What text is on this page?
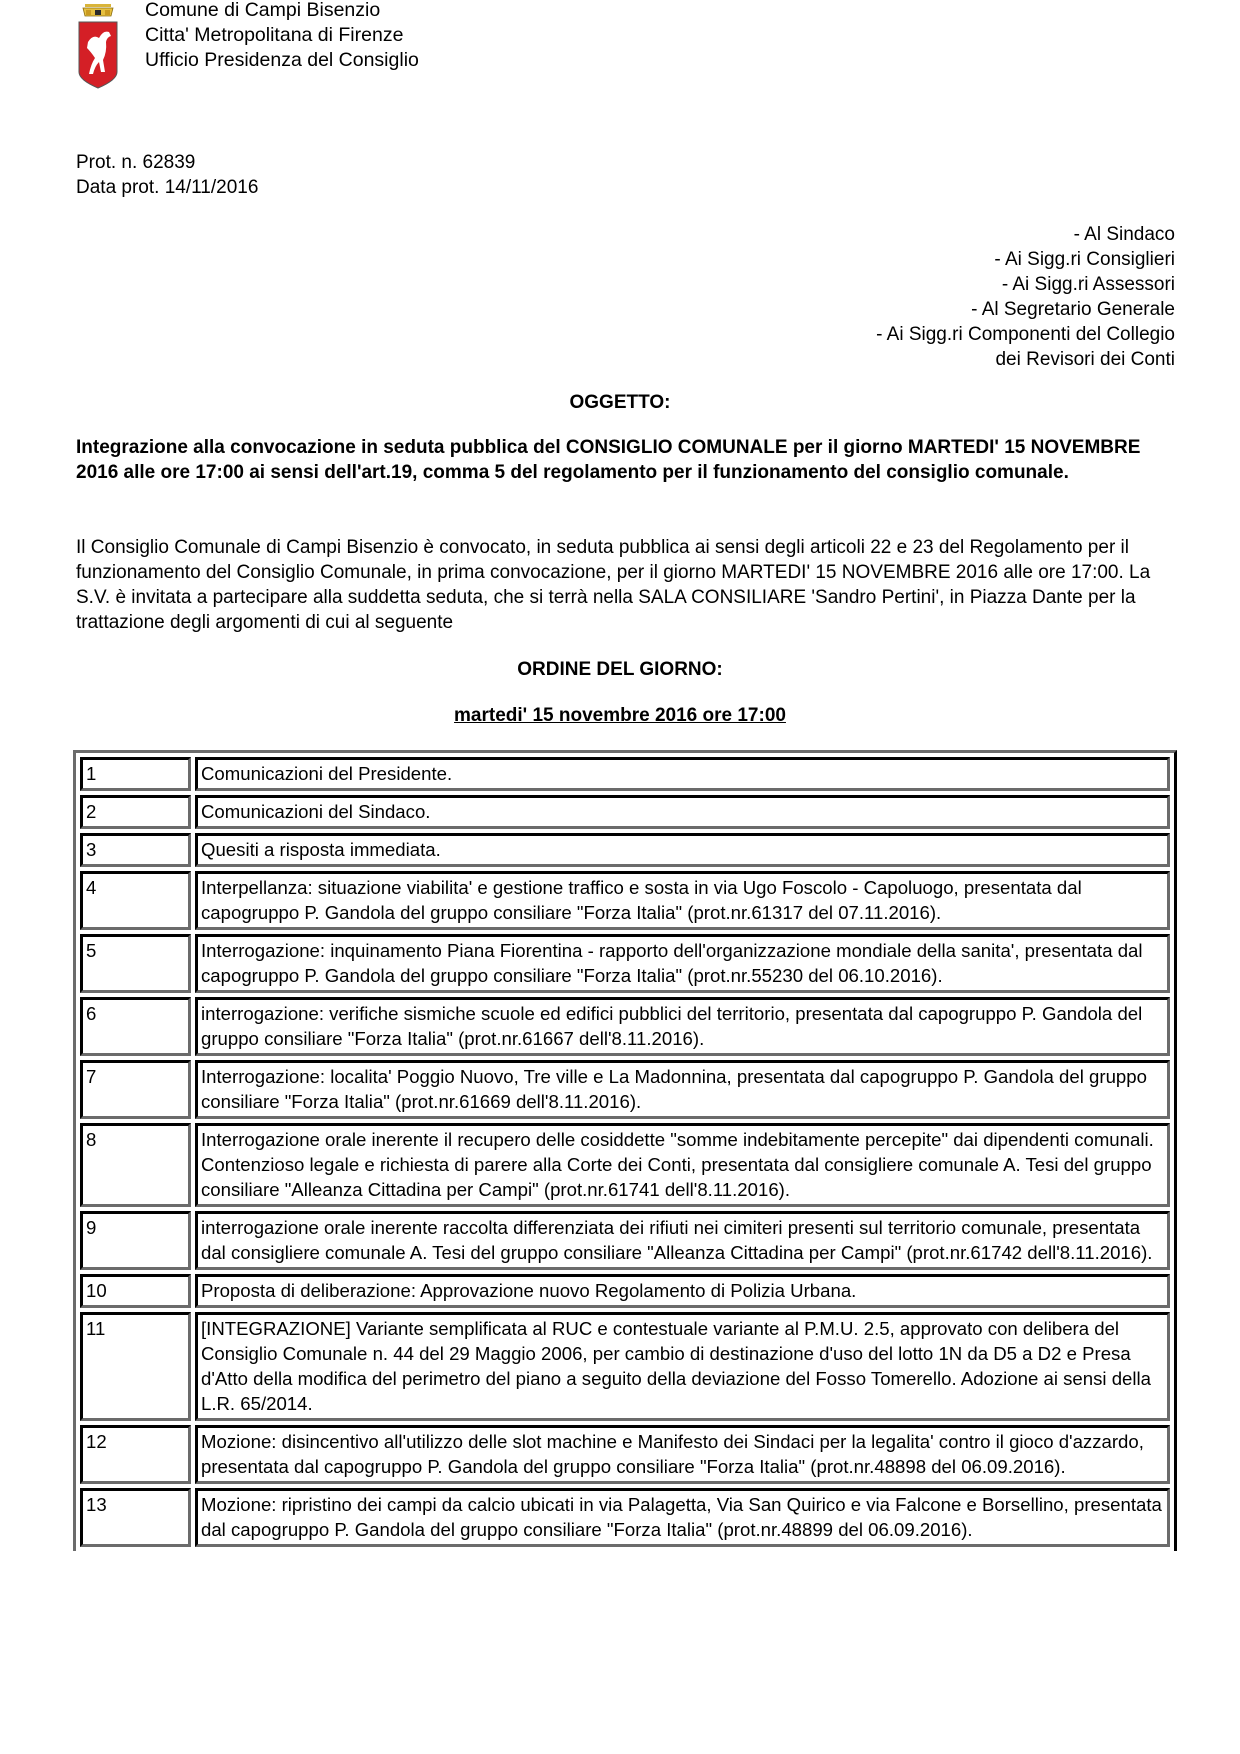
Comune di Campi Bisenzio
Citta' Metropolitana di Firenze
Ufficio Presidenza del Consiglio
Prot. n. 62839
Data prot. 14/11/2016
- Al Sindaco
- Ai Sigg.ri Consiglieri
- Ai Sigg.ri Assessori
- Al Segretario Generale
- Ai Sigg.ri Componenti del Collegio
dei Revisori dei Conti
OGGETTO:
Integrazione alla convocazione in seduta pubblica del CONSIGLIO COMUNALE per il giorno MARTEDI' 15 NOVEMBRE 2016 alle ore 17:00 ai sensi dell'art.19, comma 5 del regolamento per il funzionamento del consiglio comunale.
Il Consiglio Comunale di Campi Bisenzio è convocato, in seduta pubblica ai sensi degli articoli 22 e 23 del Regolamento per il funzionamento del Consiglio Comunale, in prima convocazione, per il giorno MARTEDI' 15 NOVEMBRE 2016 alle ore 17:00. La S.V. è invitata a partecipare alla suddetta seduta, che si terrà nella SALA CONSILIARE 'Sandro Pertini', in Piazza Dante per la trattazione degli argomenti di cui al seguente
ORDINE DEL GIORNO:
martedi' 15 novembre 2016 ore 17:00
1	Comunicazioni del Presidente.
2	Comunicazioni del Sindaco.
3	Quesiti a risposta immediata.
4	Interpellanza: situazione viabilita' e gestione traffico e sosta in via Ugo Foscolo - Capoluogo, presentata dal capogruppo P. Gandola del gruppo consiliare "Forza Italia" (prot.nr.61317 del 07.11.2016).
5	Interrogazione: inquinamento Piana Fiorentina - rapporto dell'organizzazione mondiale della sanita', presentata dal capogruppo P. Gandola del gruppo consiliare "Forza Italia" (prot.nr.55230 del 06.10.2016).
6	interrogazione: verifiche sismiche scuole ed edifici pubblici del territorio, presentata dal capogruppo P. Gandola del gruppo consiliare "Forza Italia" (prot.nr.61667 dell'8.11.2016).
7	Interrogazione: localita' Poggio Nuovo, Tre ville e La Madonnina, presentata dal capogruppo P. Gandola del gruppo consiliare "Forza Italia" (prot.nr.61669 dell'8.11.2016).
8	Interrogazione orale inerente il recupero delle cosiddette "somme indebitamente percepite" dai dipendenti comunali. Contenzioso legale e richiesta di parere alla Corte dei Conti, presentata dal consigliere comunale A. Tesi del gruppo consiliare "Alleanza Cittadina per Campi" (prot.nr.61741 dell'8.11.2016).
9	interrogazione orale inerente raccolta differenziata dei rifiuti nei cimiteri presenti sul territorio comunale, presentata dal consigliere comunale A. Tesi del gruppo consiliare "Alleanza Cittadina per Campi" (prot.nr.61742 dell'8.11.2016).
10	Proposta di deliberazione: Approvazione nuovo Regolamento di Polizia Urbana.
11	[INTEGRAZIONE] Variante semplificata al RUC e contestuale variante al P.M.U. 2.5, approvato con delibera del Consiglio Comunale n. 44 del 29 Maggio 2006, per cambio di destinazione d'uso del lotto 1N da D5 a D2 e Presa d'Atto della modifica del perimetro del piano a seguito della deviazione del Fosso Tomerello. Adozione ai sensi della L.R. 65/2014.
12	Mozione: disincentivo all'utilizzo delle slot machine e Manifesto dei Sindaci per la legalita' contro il gioco d'azzardo, presentata dal capogruppo P. Gandola del gruppo consiliare "Forza Italia" (prot.nr.48898 del 06.09.2016).
13	Mozione: ripristino dei campi da calcio ubicati in via Palagetta, Via San Quirico e via Falcone e Borsellino, presentata dal capogruppo P. Gandola del gruppo consiliare "Forza Italia" (prot.nr.48899 del 06.09.2016).
